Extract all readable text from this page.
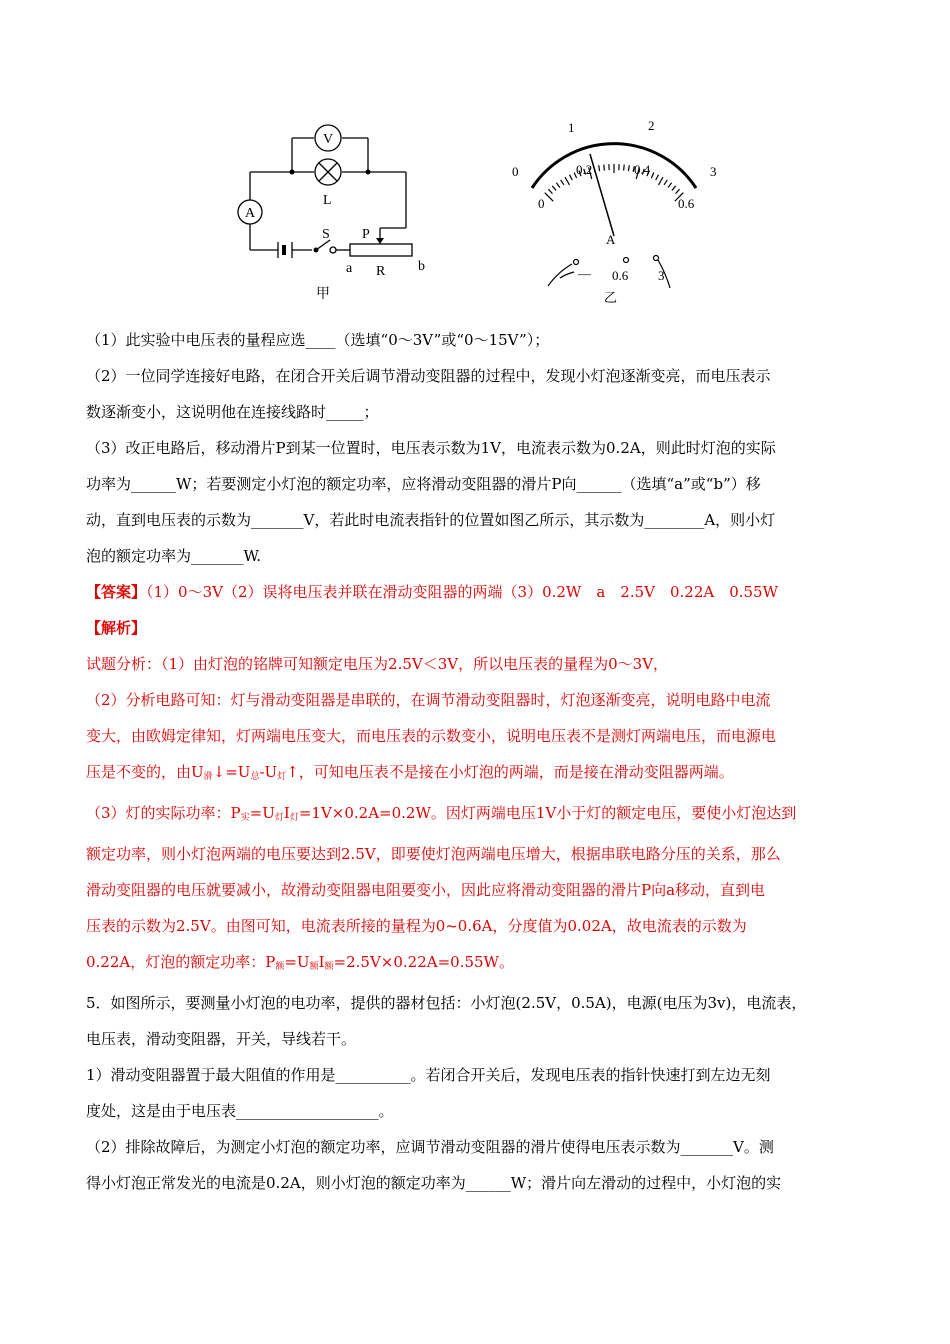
V
A
L
S P
a R b
甲
0
1	2
3
0
0.2	0.4
0.6
A
— 0.6 3
乙
（1）此实验中电压表的量程应选____（选填“0～3V”或“0～15V”）；
（2）一位同学连接好电路，在闭合开关后调节滑动变阻器的过程中，发现小灯泡逐渐变亮，而电压表示
数逐渐变小，这说明他在连接线路时_____；
（3）改正电路后，移动滑片P到某一位置时，电压表示数为1V，电流表示数为0.2A，则此时灯泡的实际
功率为______W；若要测定小灯泡的额定功率，应将滑动变阻器的滑片P向______（选填“a”或“b”）移
动，直到电压表的示数为_______V，若此时电流表指针的位置如图乙所示，其示数为________A，则小灯
泡的额定功率为_______W.
【答案】（1）0～3V（2）误将电压表并联在滑动变阻器的两端（3）0.2W　a　2.5V　0.22A　0.55W
【解析】
试题分析：（1）由灯泡的铭牌可知额定电压为2.5V＜3V，所以电压表的量程为0～3V，
（2）分析电路可知：灯与滑动变阻器是串联的，在调节滑动变阻器时，灯泡逐渐变亮，说明电路中电流
变大，由欧姆定律知，灯两端电压变大，而电压表的示数变小，说明电压表不是测灯两端电压，而电源电
压是不变的，由$U_滑↓=U_总-U_灯↑$，可知电压表不是接在小灯泡的两端，而是接在滑动变阻器两端。
（3）灯的实际功率：$P_实=U_灯I_灯=1V\times 0.2A=0.2W$。因灯两端电压1V小于灯的额定电压，要使小灯泡达到
额定功率，则小灯泡两端的电压要达到2.5V，即要使灯泡两端电压增大，根据串联电路分压的关系，那么
滑动变阻器的电压就要减小，故滑动变阻器电阻要变小，因此应将滑动变阻器的滑片P向a移动，直到电
压表的示数为2.5V。由图可知，电流表所接的量程为0~0.6A，分度值为0.02A，故电流表的示数为
0.22A，灯泡的额定功率：$P_额=U_额I_额=2.5V\times 0.22A=0.55W$。
5．如图所示，要测量小灯泡的电功率，提供的器材包括：小灯泡(2.5V，0.5A)，电源(电压为3v)，电流表，
电压表，滑动变阻器，开关，导线若干。
1）滑动变阻器置于最大阻值的作用是__________。若闭合开关后，发现电压表的指针快速打到左边无刻
度处，这是由于电压表___________________。
（2）排除故障后，为测定小灯泡的额定功率，应调节滑动变阻器的滑片使得电压表示数为_______V。测
得小灯泡正常发光的电流是0.2A，则小灯泡的额定功率为______W；滑片向左滑动的过程中，小灯泡的实
